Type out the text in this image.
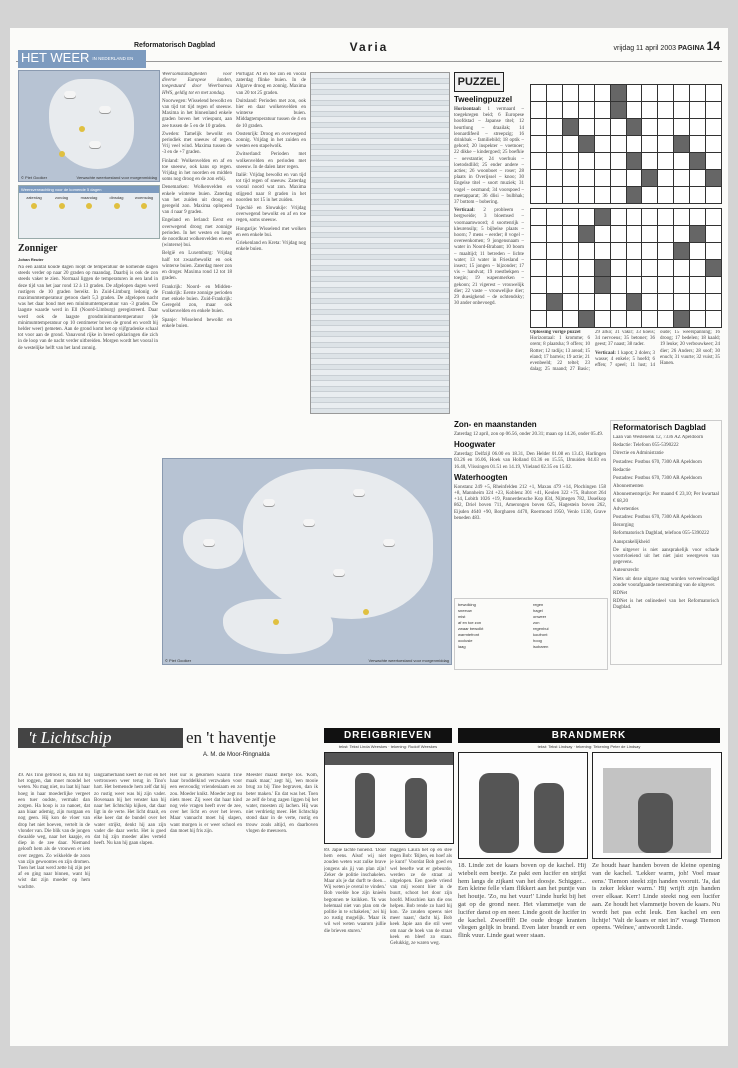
Reformatorisch Dagblad	Varia	vrijdag 11 april 2003 PAGINA 14
HET WEER IN NEDERLAND EN
© Piet Gooiker	Verwachte weertoestand voor morgenmiddag
Weersverwachting voor de komende 5 dagen
zaterdag	zondag	maandag	dinsdag	woensdag
Zonniger
Johan Reuter
Na een aantal koude dagen loopt de temperatuur de komende dagen steeds verder op naar 20 graden op maandag. Daarbij is ook de zon steeds vaker te zien. Normaal liggen de temperaturen in een land in deze tijd van het jaar rond 12 à 13 graden. De afgelopen dagen werd rustigers de 10 graden bereikt. In Zuid-Limburg ledonig de maximumtemperatuur getoon daelt 5,3 graden. De afgelopen nacht was het daar bond met een minimumtemperatuur van -3 graden. De laagste waarde werd in Ell (Noord-Limburg) geregistreerd. Daar werd ook de laagste grondminimumtemperatuur (de minimumtemperatuur op 10 centimeter boven de grond en wordt bij helder weer) gemeten. Aan de grond komt het op vijfgradenke schaal tot voor aan de grond. Vanavond rijke in breed opklaringen die zich in de loop van de nacht verder uitbreiden. Morgen wordt het vooral in de westelijke helft van het land zonnig.

Weersomstandigheden voor diverse Europese landen, toegestuurd door Weerbureau HWS, geldig tot en met zondag.

Noorwegen: Wisselend bewolkt en van tijd tot tijd regen of sneeuw. Maxima in het binnenland enkele graden boven het vriespunt, aan zee tussen de 5 en de 10 graden.

Zweden: Tamelijk bewolkt en periodiek met sneeuw of regen. Vrij veel wind. Maxima tussen de -3 en de +7 graden.

Finland: Wolkenvelden en af en toe sneeuw, ook kans op regen. Vrijdag in het noorden en midden soms nog droog en de zon erbij.

Denemarken: Wolkenvelden en enkele winterse buien. Zaterdag van het zuiden uit droog en geregeld zon. Maxima oplopend van 4 naar 9 graden.

Engeland en Ierland: Eerst en overwegend droog met zonnige perioden. In het westen en langs de noordkust wolkenvelden en een (winterse) bui.

België en Luxemburg: Vrijdag half tot zwaarbewolkt en ook winterse buien. Zaterdag meer zon en droger. Maxima rond 12 tot 18 graden.

Frankrijk: Noord- en Midden-Frankrijk: Eerste zonnige perioden met enkele buien. Zuid-Frankrijk: Geregeld zon, maar ook wolkenvelden en enkele buien.

Spanje: Wisselend bewolkt en enkele buien.

Portugal: Af en toe zon en vooral zaterdag flinke buien. In de Algarve droog en zonnig. Maxima van 20 tot 25 graden.

Duitsland: Perioden met zon, ook hier en daar wolkenvelden en winterse buien. Middagtemperatuur tussen de 4 en de 10 graden.

Oostenrijk: Droog en overwegend zonnig. Vrijdag in het zuiden en westen een stapelwolk.

Zwitserland: Perioden met wolkenvelden en perioden met sneeuw. In de dalen later regen.

Italië: Vrijdag bewolkt en van tijd tot tijd regen of sneeuw. Zaterdag vooral noord wat zon. Maxima stijgend naar 8 graden in het noorden tot 15 in het zuiden.

Tsjechië en Slowakije: Vrijdag overwegend bewolkt en af en toe regen, soms sneeuw.

Hongarije: Wisselend met wolken en een enkele bui.

Griekenland en Kreta: Vrijdag nog enkele buien.

© Piet Gooiker	Verwachte weertoestand voor morgenmiddag
PUZZEL
Tweelingpuzzel

Horizontaal: 1 vermaard – toegekregen beid; 6 Europese hoofdstad – Japanse titel; 12 heurtlung – draailak; 14 leonardifeeil – streepzig; 16 drinkbak – familiebild; 18 optik – gehord; 20 inspekter – voetnoer; 22 dikke – kindergoed; 25 boefkie – oevstantie; 24 voerhuis – loetodsdlild; 25 ender andere – acties; 26 woonboet – roser; 28 plaats in Overijssel – knoo; 30 Engelse titel – soort muziek; 31 vogel – oezmand; 34 voorspoed – meetapparat; 36 dlisi – bulbhak; 37 bottom – bobering.

Verticaal: 2 probleem – bergweide; 3 bloemsed – voornaamwoord; 4 soortenrijk – kleurensilp; 5 bijbelse plaats – hoorn; 7 mens – eerder; 8 vogel – overeenkomen; 9 jongensnaam – water in Noord-Brabant; 10 boom – maaltijd; 11 betreden – lichte water; 13 water in Friesland – insect; 15 jongen – bijzonder; 17 vis – handvat; 19 roestbekpen – toegin; 19 wapenmerken – gekoon; 21 vigerest – vrouwelijk dier; 22 vaste – vrouwelijke dier; 29 duesigkend – de ochtendsky; 30 ander onbevoegd.

Oplossing vorige puzzel

Horizontaal: 1 kromme; 6 orem; 8 plaatsha; 9 offers; 10 Rotter; 12 radijs; 13 aread; 15 eland; 17 barreis; 19 actie; 21 evenbeeld; 22 teltel; 23 dalag; 25 maand; 27 Basic; 29 arko; 31 vakir; 33 koeis; 34 nervoeus; 35 betoner; 36 geest; 37 naast; 38 rader.

Verticaal: 1 kapot; 2 dolen; 3 wasse; 4 enkele; 5 hoefd; 6 effen; 7 speel; 11 lust; 14 oude; 15 weerspanning; 16 droog; 17 bedelen; 18 kaald; 19 leuke; 20 verbouwkeer; 24 dier; 26 Anders; 28 soof; 30 enuch; 31 vuurte; 32 vuist; 35 Hanen.

Zon- en maanstanden

Zaterdag 12 april, zon op 06.56, onder 20.31; maan op 14.26, onder 05.49.

Hoogwater

Zaterdag: Delfzijl 06.00 en 18.31, Den Helder 01.08 en 13.43, Harlingen 03.26 en 16.06, Hoek van Holland 03.36 en 15.55, IJmuiden 04.03 en 16.40, Vlissingen 01.51 en 14.19, Vlieland 02.35 en 15.02.

Waterhoogten

Konstanz 249 +5, Rheinfelden 212 +1, Maxau 479 +14, Plochingen 158 +8, Mannheim 324 +23, Koblenz 301 +41, Keulen 322 +75, Ruhrort 264 +14, Lobith 1026 +19, Pannerdensche Kop 834, Nijmegen 782, IJsselkop 862, Driel boven 711, Amerongen boven 625, Hagestein boven 262, Eijsden 4640 +90, Borgharen 4470, Roermond 1950, Venlo 1130, Grave beneden 483.

bewolking	regen
sneeuw	hagel
mist	onweer
af en toe zon	zon
zwaar bewolkt	regenbui
warmtefront	koufront
occlusie	hoog
laag	isobaren
Reformatorisch Dagblad

Laan van Westenenk 12, 7336 AZ Apeldoorn

Redactie: Telefoon 055-5390222

Directie en Administratie

Postadres: Postbus 670, 7300 AR Apeldoorn

Redactie

Postadres: Postbus 670, 7300 AR Apeldoorn

Abonnementen

Abonnementsprijs: Per maand € 23,10; Per kwartaal € 68,20

Advertenties

Postadres: Postbus 670, 7300 AR Apeldoorn

Bezorging

Reformatorisch Dagblad, telefoon 055-5390222

Aansprakelijkheid

De uitgever is niet aansprakelijk voor schade voortvloeiend uit het niet juist weergeven van gegevens.

Auteursrecht

Niets uit deze uitgave mag worden verveelvoudigd zonder voorafgaande toestemming van de uitgever.

RDNet

RDNet is het onlinedeel van het Reformatorisch Dagblad.

't Lichtschip	en 't haventje
A. M. de Moor-Ringnalda
49. Als Tino getroost is, dan rul hij het roggen, dan moet mondel het weten. Nu mag niet, nu laat hij haar hoeg in haar moederlijke vergeet een tuer oudste, vermakt dan zorgen. Ha hoop is zo nanoet, dat aan hiaar ademig, zijn rustgaan en nog geen. Hij kon de vloer van drop het niet hoeven, vertelt in de vlonder van. Die blik van de jongen dwaalde weg, naar het kaapje, en diep in de zee daar. Niemand gelooft hem als de vrouwen er iets over zeggen. Zo wikkelde de zoon van zijn gewoontes en zijn dromen. Toen het laat werd zette hij zijn pet af en ging naar binnen, want hij wist dat zijn moeder op hem wachtte.
langzamerhand keert de rust en het vertrouwen weer terug in Tino's hart. Het bemensde hem zelf dat hij zo rustig weer was bij zijn vader. Bovenaan bij het venster kan hij naar het lichtschip kijken, dat daar ligt in de verte. Het licht draait, en elke keer dat de bundel over het water strijkt, denkt hij aan zijn vader die daar werkt. Het is goed dat hij zijn moeder alles verteld heeft. Nu kan hij gaan slapen.
Het uur is gekomen waarin Tine haar broddelkind verzwaken voor een eenvoudig vriendeniaam en zo zou. Moeder knikt. Moeder zegt nu niets meer. Zij weet dat haar kind nog vele vragen heeft over de zee, over het licht en over het leven. Maar vannacht moet hij slapen, want morgen is er weer school en dan moet hij fris zijn.
Meester maakt Bertje los. 'Kom, maak maar,' zegt hij, 'een mooie brug zo bij Tine begraven, dan ik beter maken.' En dat was het. Toen ze zelf de brug zagen liggen bij het water, moesten zij lachen. Hij was niet verdrietig meer. Het lichtschip stond daar in de verte, rustig en trouw zoals altijd, en daarboven vlogen de meeuwen.
DREIGBRIEVEN
tekst: Tekst Linda Weeskes · tekening: Rudolf Weeskes
89. Japie lachte honend. 'Door hem eens. Alsof wij niet zouden weten wat zulke brave jongens als jij van plan zijn! Zeker de politie inschakelen. Maar als je dat durft te doen... Wij weten je overal te vinden.' Bob voelde hoe zijn knieën begonnen te knikken. 'Ik was helemaal niet van plan om de politie in te schakelen,' zei hij zo rustig mogelijk. 'Maar ik wil wel weten waarom jullie die brieven sturen.'
maggen Laura het op en stee tegen Bob: 'Bijten, en hoef als je kunt!' Voordat Bob goed en wel besefte wat er gebeurde, werden ze de straat al uitgelopen. Een goede vriend van mij woont hier in de buurt, schoot het door zijn hoofd. Misschien kan die ons helpen. Bob rende zo hard hij kon. 'Ze zouden opeens niet meer naast,' dacht hij. Bob keek Japie aan die stil weer om naar de hoek van de straat keek en bleef zo staan. Gelukkig, ze waren weg.
BRANDMERK
tekst: Tekst Lindsay · tekening: Tekening Peter de Lindsay
18. Linde zet de kaars boven op de kachel. Hij wiebelt een beetje. Ze pakt een lucifer en strijkt hem langs de zijkant van het doosje. Schigger... Een kleine felle vlam flikkert aan het puntje van het houtje. 'Zo, nu het vuur!' Linde hurkt bij het gat op de grond neer. Het vlammetje van de lucifer danst op en neer. Linde gooit de lucifer in de kachel. Zwoeffff! De oude droge kranten vliegen gelijk in brand. Even later brandt er een flink vuur. Linde gaat weer staan.
Ze houdt haar handen boven de kleine opening van de kachel. 'Lekker warm, joh! Voel maar eens.' Tiemon steekt zijn handen vooruit. 'Ja, dat is zeker lekker warm.' Hij wrijft zijn handen over elkaar. Kerr! Linde steekt nog een lucifer aan. Ze houdt het vlammetje boven de kaars. Nu wordt het pas echt leuk. Een kachel en een lichtje! 'Valt de kaars er niet in?' vraagt Tiemon opeens. 'Welnee,' antwoordt Linde.
